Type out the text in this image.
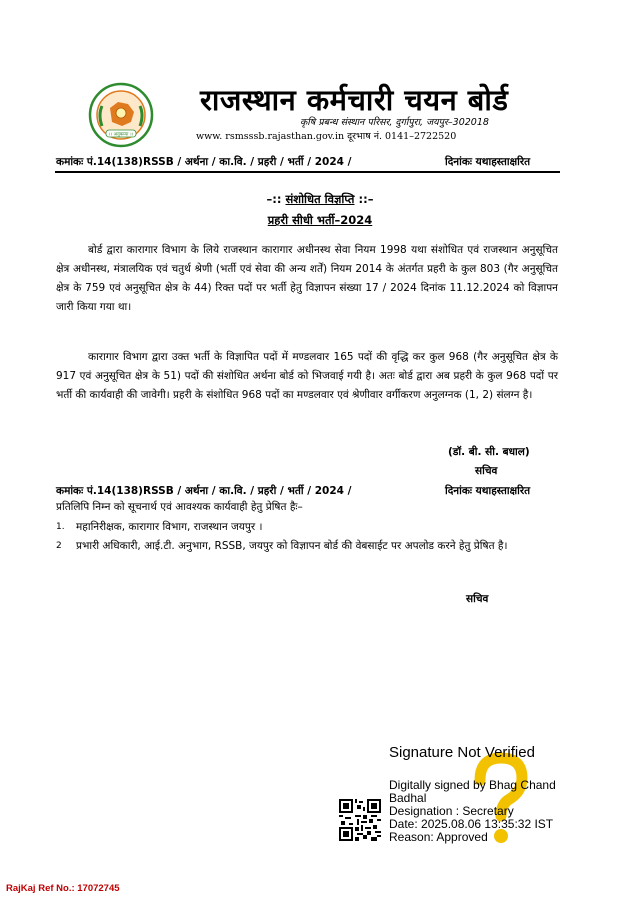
।। अनुकम्पा ।।
राजस्थान कर्मचारी चयन बोर्ड
कृषि प्रबन्ध संस्थान परिसर, दुर्गापुरा, जयपुर–302018
www. rsmsssb.rajasthan.gov.in दूरभाष नं. 0141–2722520
कमांकः पं.14(138)RSSB / अर्थना / का.वि. / प्रहरी / भर्ती / 2024 /	दिनांकः यथाहस्ताक्षरित
–:: संशोधित विज्ञप्ति ::–
प्रहरी सीधी भर्ती–2024
बोर्ड द्वारा कारागार विभाग के लिये राजस्थान कारागार अधीनस्थ सेवा नियम 1998 यथा संशोधित एवं राजस्थान अनुसूचित क्षेत्र अधीनस्थ, मंत्रालयिक एवं चतुर्थ श्रेणी (भर्ती एवं सेवा की अन्य शर्तें) नियम 2014 के अंतर्गत प्रहरी के कुल 803 (गैर अनुसूचित क्षेत्र के 759 एवं अनुसूचित क्षेत्र के 44) रिक्त पदों पर भर्ती हेतु विज्ञापन संख्या 17 / 2024 दिनांक 11.12.2024 को विज्ञापन जारी किया गया था।
कारागार विभाग द्वारा उक्त भर्ती के विज्ञापित पदों में मण्डलवार 165 पदों की वृद्धि कर कुल 968 (गैर अनुसूचित क्षेत्र के 917 एवं अनुसूचित क्षेत्र के 51) पदों की संशोधित अर्थना बोर्ड को भिजवाई गयी है। अतः बोर्ड द्वारा अब प्रहरी के कुल 968 पदों पर भर्ती की कार्यवाही की जावेगी। प्रहरी के संशोधित 968 पदों का मण्डलवार एवं श्रेणीवार वर्गीकरण अनुलग्नक (1, 2) संलग्न है।
(डॉ. बी. सी. बधाल)
सचिव
कमांकः पं.14(138)RSSB / अर्थना / का.वि. / प्रहरी / भर्ती / 2024 /	दिनांकः यथाहस्ताक्षरित
प्रतिलिपि निम्न को सूचनार्थ एवं आवश्यक कार्यवाही हेतु प्रेषित हैः–
1. महानिरीक्षक, कारागार विभाग, राजस्थान जयपुर ।
2 प्रभारी अधिकारी, आई.टी. अनुभाग, RSSB, जयपुर को विज्ञापन बोर्ड की वेबसाईट पर अपलोड करने हेतु प्रेषित है।
सचिव
Signature Not Verified
Digitally signed by Bhag Chand
Badhal
Designation : Secretary
Date: 2025.08.06 13:35:32 IST
Reason: Approved
RajKaj Ref No.: 17072745
